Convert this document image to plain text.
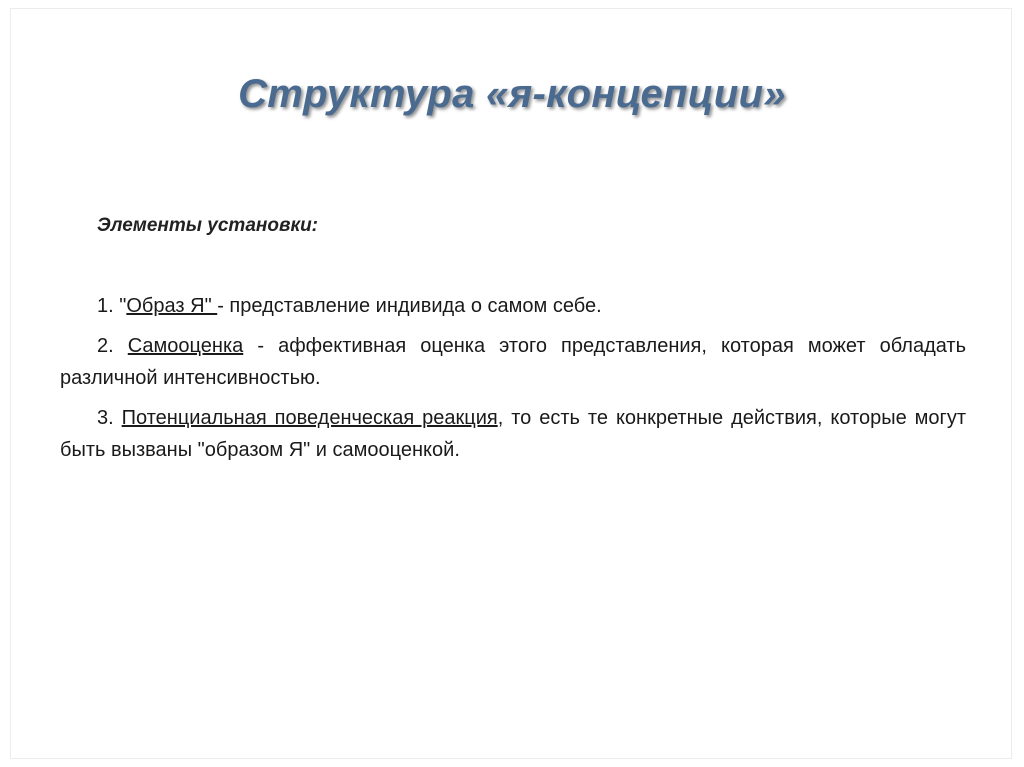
Структура «я-концепции»
Элементы установки:
1. "Образ Я" - представление индивида о самом себе.
2. Самооценка - аффективная оценка этого представления, которая может обладать различной интенсивностью.
3. Потенциальная поведенческая реакция, то есть те конкретные действия, которые могут быть вызваны "образом Я" и самооценкой.
